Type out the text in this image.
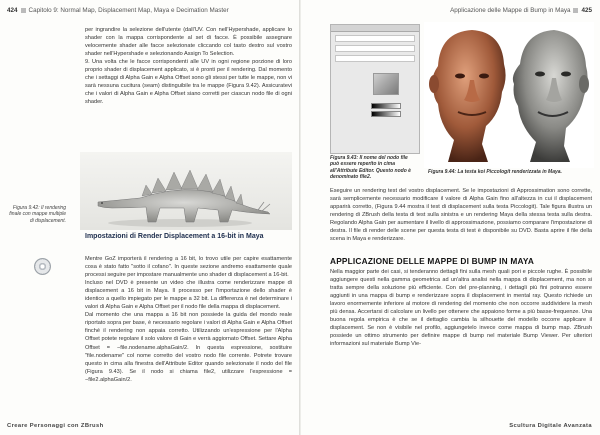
424 Capitolo 9: Normal Map, Displacement Map, Maya e Decimation Master

per ingrandire la selezione dell'utente (dall'UV. Con nell'Hypershade, applicare lo shader con la mappa corrispondente al set di facce. È possibile assegnare velocemente shader alle facce selezionate cliccando col tasto destro sul vostro shader nell'Hypershade e selezionando Assign To Selection.

9. Una volta che le facce corrispondenti alle UV in ogni regione porzione di loro proprio shader di displacement applicato, si è pronti per il rendering. Dal momento che i settaggi di Alpha Gain e Alpha Offset sono gli stessi per tutte le mappe, non vi sarà nessuna cucitura (seam) distinguibile tra le mappe (Figura 9.42). Assicuratevi che i valori di Alpha Gain e Alpha Offset siano corretti per ciascun nodo file di ogni shader.

Figura 9.42: Il rendering finale con mappe multiple di displacement.
Impostazioni di Render Displacement a 16-bit in Maya

Mentre GoZ importerà il rendering a 16 bit, lo trovo utile per capire esattamente cosa è stato fatto "sotto il cofano". In queste sezione andremo esattamente quale processi seguire per impostare manualmente uno shader di displacement a 16-bit.

Incluso nel DVD è presente un video che illustra come renderizzare mappe di displacement a 16 bit in Maya. Il processo per l'importazione dello shader è identico a quello impiegato per le mappe a 32 bit. La differenza è nel determinare i valori di Alpha Gain e Alpha Offset per il nodo file della mappa di displacement.

Dal momento che una mappa a 16 bit non possiede la guida del mondo reale riportato sopra per base, è necessario regolare i valori di Alpha Gain e Alpha Offset finché il rendering non appaia corretto. Utilizzando un'espressione per l'Alpha Offset potete regolare il solo valore di Gain e verrà aggiornato Offset. Settare Alpha Offset = −file.nodename.alphaGain/2. In questa espressione, sostituire "file.nodename" col nome corretto del vostro nodo file corrente. Potrete trovare questo in cima alla finestra dell'Attribute Editor quando selezionate il nodo del file (Figura 9.43). Se il nodo si chiama file2, utilizzare l'espressione = −file2.alphaGain/2.

Creare Personaggi con ZBrush
Applicazione delle Mappe di Bump in Maya 425
Figura 9.43: Il nome del nodo file può essere reperito in cima all'Attribute Editor. Questo nodo è denominato file2.
Figura 9.44: La testa koi Piccologit renderizzata in Maya.

Eseguire un rendering test del vostro displacement. Se le impostazioni di Approssimation sono corrette, sarà semplicemente necessario modificare il valore di Alpha Gain fino all'altezza in cui il displacement apparirà corretto, (Figura 9.44 mostra il test di displacement sulla testa Piccologit). Tale figura illustra un rendering di ZBrush della testa di test sulla sinistra e un rendering Maya della stessa testa sulla destra. Regolando Alpha Gain per aumentare il livello di approssimazione, possiamo comparare l'impostazione di destra. Il file di render delle scene per questa testa di test è disponibile su DVD. Basta aprire il file della scena in Maya e renderizzare.

APPLICAZIONE DELLE MAPPE DI BUMP IN MAYA

Nella maggior parte dei casi, si tenderanno dettagli fini sulla mesh quali pori e piccole rughe. È possibile aggiungere questi nella gamma geometrica ad un'altra analisi nella mappa di displacement, ma non si tratta sempre della soluzione più efficiente. Con del pre-planning, i dettagli più fini potranno essere aggiunti in una mappa di bump e renderizzare sopra il displacement in mental ray. Questo richiede un lavoro enormemente inferiore al motore di rendering del momento che non occorre suddividere la mesh più densa. Accertarsi di calcolare un livello per ottenere che appaiono forme a più basse-frequenze. Una buona regola empirica è che se il dettaglio cambia la silhouette del modello occorre applicare il displacement. Se non è visibile nel profilo, aggiungetelo invece come mappa di bump map. ZBrush possiede un ottimo strumento per definire mappe di bump nel materiale Bump Viewer. Per ulteriori informazioni sul materiale Bump Vie-

Scultura Digitale Avanzata
